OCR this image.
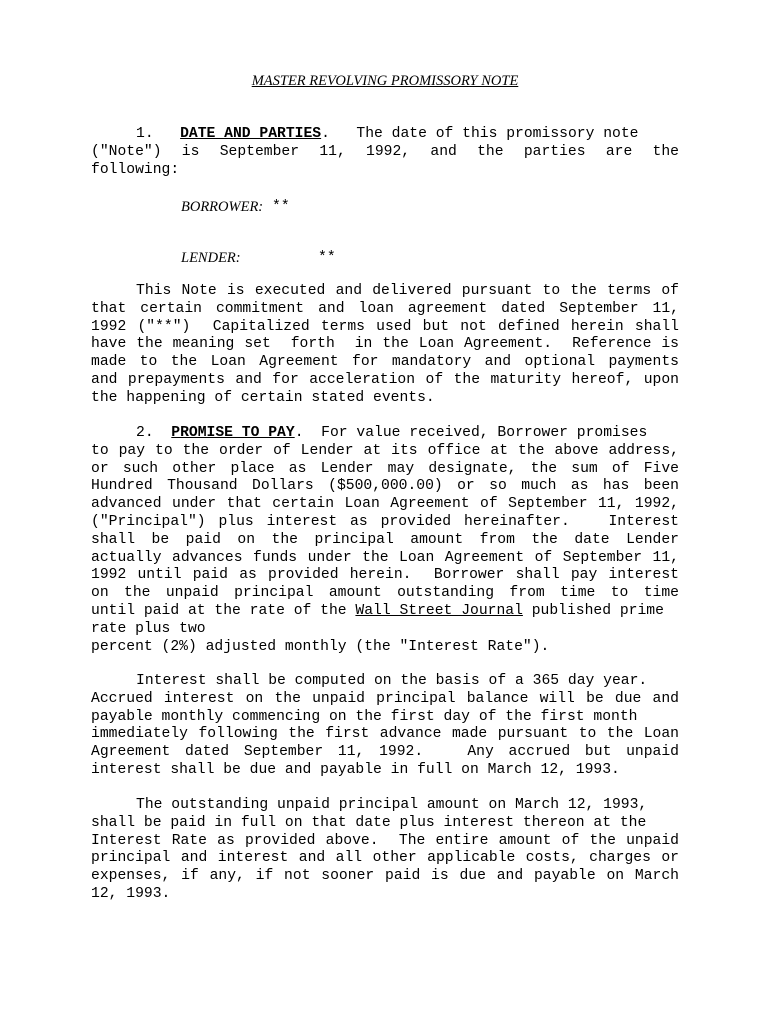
MASTER REVOLVING PROMISSORY NOTE
1. DATE AND PARTIES. The date of this promissory note
("Note") is September 11, 1992, and the parties are the
following:
BORROWER: **
LENDER:	**
This Note is executed and delivered pursuant to the terms of
that certain commitment and loan agreement dated September 11,
1992 ("**")  Capitalized terms used but not defined herein shall
have the meaning set  forth  in the Loan Agreement.  Reference is
made to the Loan Agreement for mandatory and optional payments
and prepayments and for acceleration of the maturity hereof, upon
the happening of certain stated events.
2. PROMISE TO PAY. For value received, Borrower promises
to pay to the order of Lender at its office at the above address,
or such other place as Lender may designate, the sum of Five
Hundred Thousand Dollars ($500,000.00) or so much as has been
advanced under that certain Loan Agreement of September 11, 1992,
("Principal") plus interest as provided hereinafter.   Interest
shall be paid on the principal amount from the date Lender
actually advances funds under the Loan Agreement of September 11,
1992 until paid as provided herein.  Borrower shall pay interest
on the unpaid principal amount outstanding from time to time
until paid at the rate of the Wall Street Journal published prime
rate plus two
percent (2%) adjusted monthly (the "Interest Rate").
Interest shall be computed on the basis of a 365 day year.
Accrued interest on the unpaid principal balance will be due and
payable monthly commencing on the first day of the first month
immediately following the first advance made pursuant to the Loan
Agreement dated September 11, 1992.   Any accrued but unpaid
interest shall be due and payable in full on March 12, 1993.
The outstanding unpaid principal amount on March 12, 1993,
shall be paid in full on that date plus interest thereon at the
Interest Rate as provided above.  The entire amount of the unpaid
principal and interest and all other applicable costs, charges or
expenses, if any, if not sooner paid is due and payable on March
12, 1993.
